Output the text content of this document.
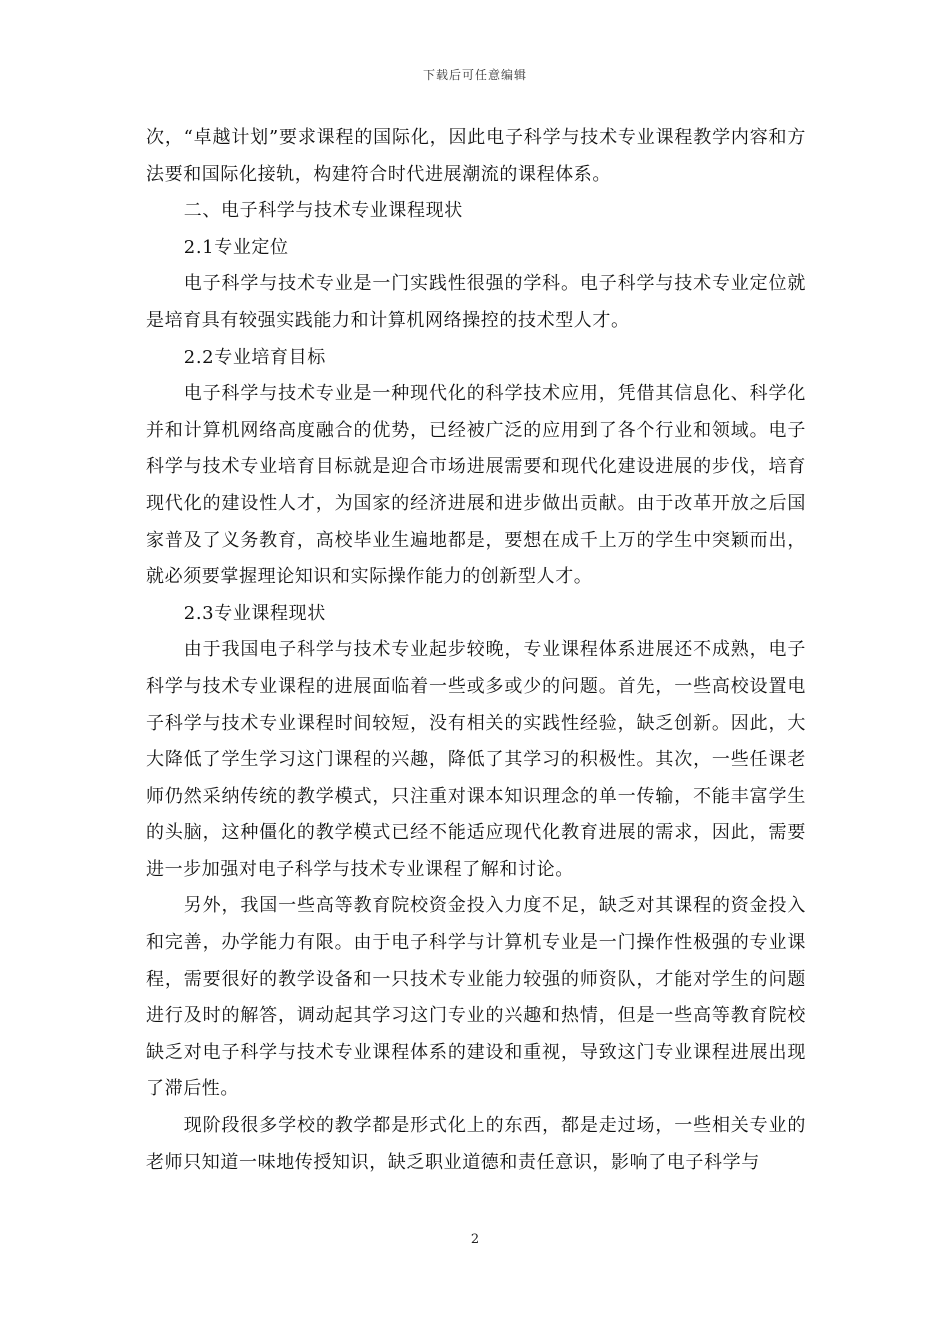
下载后可任意编辑

次，“卓越计划”要求课程的国际化，因此电子科学与技术专业课程教学内容和方法要和国际化接轨，构建符合时代进展潮流的课程体系。

二、电子科学与技术专业课程现状

2.1专业定位

电子科学与技术专业是一门实践性很强的学科。电子科学与技术专业定位就是培育具有较强实践能力和计算机网络操控的技术型人才。

2.2专业培育目标

电子科学与技术专业是一种现代化的科学技术应用，凭借其信息化、科学化并和计算机网络高度融合的优势，已经被广泛的应用到了各个行业和领域。电子科学与技术专业培育目标就是迎合市场进展需要和现代化建设进展的步伐，培育现代化的建设性人才，为国家的经济进展和进步做出贡献。由于改革开放之后国家普及了义务教育，高校毕业生遍地都是，要想在成千上万的学生中突颖而出，就必须要掌握理论知识和实际操作能力的创新型人才。

2.3专业课程现状

由于我国电子科学与技术专业起步较晚，专业课程体系进展还不成熟，电子科学与技术专业课程的进展面临着一些或多或少的问题。首先，一些高校设置电子科学与技术专业课程时间较短，没有相关的实践性经验，缺乏创新。因此，大大降低了学生学习这门课程的兴趣，降低了其学习的积极性。其次，一些任课老师仍然采纳传统的教学模式，只注重对课本知识理念的单一传输，不能丰富学生的头脑，这种僵化的教学模式已经不能适应现代化教育进展的需求，因此，需要进一步加强对电子科学与技术专业课程了解和讨论。

另外，我国一些高等教育院校资金投入力度不足，缺乏对其课程的资金投入和完善，办学能力有限。由于电子科学与计算机专业是一门操作性极强的专业课程，需要很好的教学设备和一只技术专业能力较强的师资队，才能对学生的问题进行及时的解答，调动起其学习这门专业的兴趣和热情，但是一些高等教育院校缺乏对电子科学与技术专业课程体系的建设和重视，导致这门专业课程进展出现了滞后性。

现阶段很多学校的教学都是形式化上的东西，都是走过场，一些相关专业的老师只知道一味地传授知识，缺乏职业道德和责任意识，影响了电子科学与

2
